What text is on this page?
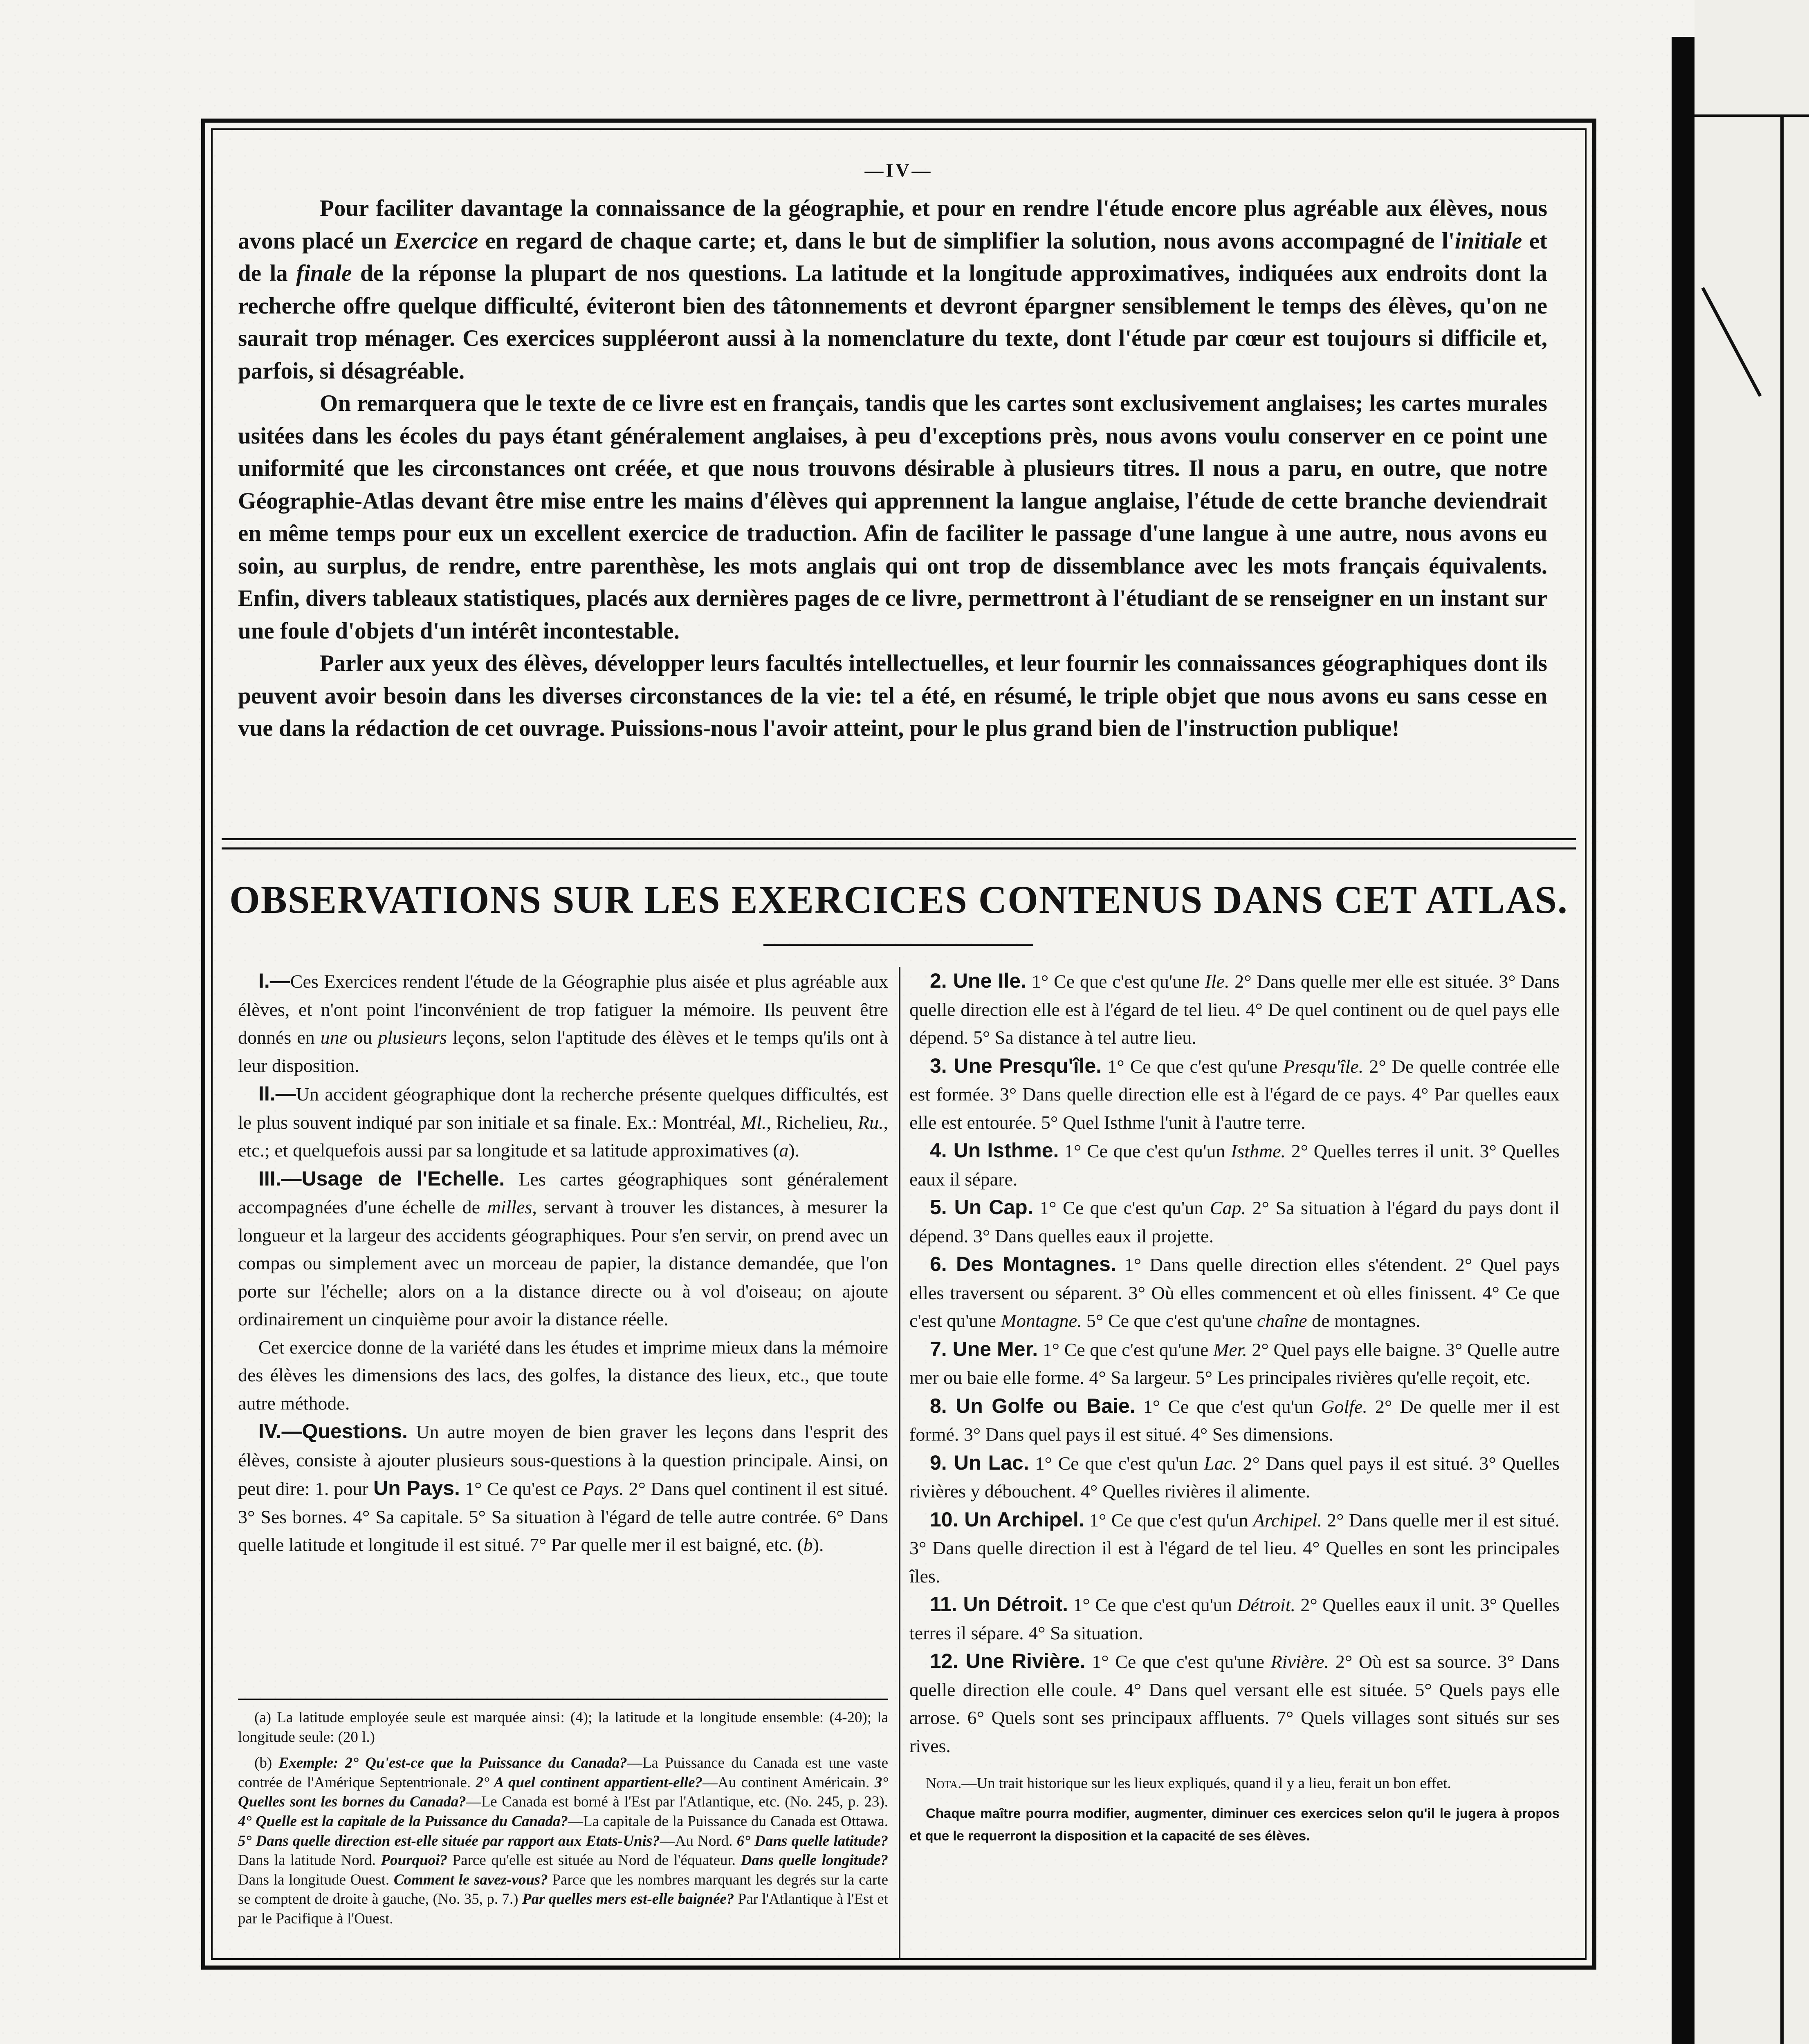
—IV—

Pour faciliter davantage la connaissance de la géographie, et pour en rendre l'étude encore plus agréable aux élèves, nous avons placé un Exercice en regard de chaque carte; et, dans le but de simplifier la solution, nous avons accompagné de l'initiale et de la finale de la réponse la plupart de nos questions. La latitude et la longitude approximatives, indiquées aux endroits dont la recherche offre quelque difficulté, éviteront bien des tâtonnements et devront épargner sensiblement le temps des élèves, qu'on ne saurait trop ménager. Ces exercices suppléeront aussi à la nomenclature du texte, dont l'étude par cœur est toujours si difficile et, parfois, si désagréable.

On remarquera que le texte de ce livre est en français, tandis que les cartes sont exclusivement anglaises; les cartes murales usitées dans les écoles du pays étant généralement anglaises, à peu d'exceptions près, nous avons voulu conserver en ce point une uniformité que les circonstances ont créée, et que nous trouvons désirable à plusieurs titres. Il nous a paru, en outre, que notre Géographie-Atlas devant être mise entre les mains d'élèves qui apprennent la langue anglaise, l'étude de cette branche deviendrait en même temps pour eux un excellent exercice de traduction. Afin de faciliter le passage d'une langue à une autre, nous avons eu soin, au surplus, de rendre, entre parenthèse, les mots anglais qui ont trop de dissemblance avec les mots français équivalents. Enfin, divers tableaux statistiques, placés aux dernières pages de ce livre, permettront à l'étudiant de se renseigner en un instant sur une foule d'objets d'un intérêt incontestable.

Parler aux yeux des élèves, développer leurs facultés intellectuelles, et leur fournir les connaissances géographiques dont ils peuvent avoir besoin dans les diverses circonstances de la vie: tel a été, en résumé, le triple objet que nous avons eu sans cesse en vue dans la rédaction de cet ouvrage. Puissions-nous l'avoir atteint, pour le plus grand bien de l'instruction publique!

OBSERVATIONS SUR LES EXERCICES CONTENUS DANS CET ATLAS.

I.—Ces Exercices rendent l'étude de la Géographie plus aisée et plus agréable aux élèves, et n'ont point l'inconvénient de trop fatiguer la mémoire. Ils peuvent être donnés en une ou plusieurs leçons, selon l'aptitude des élèves et le temps qu'ils ont à leur disposition.

II.—Un accident géographique dont la recherche présente quelques difficultés, est le plus souvent indiqué par son initiale et sa finale. Ex.: Montréal, Ml., Richelieu, Ru., etc.; et quelquefois aussi par sa longitude et sa latitude approximatives (a).

III.—Usage de l'Echelle. Les cartes géographiques sont généralement accompagnées d'une échelle de milles, servant à trouver les distances, à mesurer la longueur et la largeur des accidents géographiques. Pour s'en servir, on prend avec un compas ou simplement avec un morceau de papier, la distance demandée, que l'on porte sur l'échelle; alors on a la distance directe ou à vol d'oiseau; on ajoute ordinairement un cinquième pour avoir la distance réelle.

Cet exercice donne de la variété dans les études et imprime mieux dans la mémoire des élèves les dimensions des lacs, des golfes, la distance des lieux, etc., que toute autre méthode.

IV.—Questions. Un autre moyen de bien graver les leçons dans l'esprit des élèves, consiste à ajouter plusieurs sous-questions à la question principale. Ainsi, on peut dire: 1. pour Un Pays. 1° Ce qu'est ce Pays. 2° Dans quel continent il est situé. 3° Ses bornes. 4° Sa capitale. 5° Sa situation à l'égard de telle autre contrée. 6° Dans quelle latitude et longitude il est situé. 7° Par quelle mer il est baigné, etc. (b).

(a) La latitude employée seule est marquée ainsi: (4); la latitude et la longitude ensemble: (4-20); la longitude seule: (20 l.)

(b) Exemple: 2° Qu'est-ce que la Puissance du Canada?—La Puissance du Canada est une vaste contrée de l'Amérique Septentrionale. 2° A quel continent appartient-elle?—Au continent Américain. 3° Quelles sont les bornes du Canada?—Le Canada est borné à l'Est par l'Atlantique, etc. (No. 245, p. 23). 4° Quelle est la capitale de la Puissance du Canada?—La capitale de la Puissance du Canada est Ottawa. 5° Dans quelle direction est-elle située par rapport aux Etats-Unis?—Au Nord. 6° Dans quelle latitude? Dans la latitude Nord. Pourquoi? Parce qu'elle est située au Nord de l'équateur. Dans quelle longitude? Dans la longitude Ouest. Comment le savez-vous? Parce que les nombres marquant les degrés sur la carte se comptent de droite à gauche, (No. 35, p. 7.) Par quelles mers est-elle baignée? Par l'Atlantique à l'Est et par le Pacifique à l'Ouest.

2. Une Ile. 1° Ce que c'est qu'une Ile. 2° Dans quelle mer elle est située. 3° Dans quelle direction elle est à l'égard de tel lieu. 4° De quel continent ou de quel pays elle dépend. 5° Sa distance à tel autre lieu.

3. Une Presqu'île. 1° Ce que c'est qu'une Presqu'île. 2° De quelle contrée elle est formée. 3° Dans quelle direction elle est à l'égard de ce pays. 4° Par quelles eaux elle est entourée. 5° Quel Isthme l'unit à l'autre terre.

4. Un Isthme. 1° Ce que c'est qu'un Isthme. 2° Quelles terres il unit. 3° Quelles eaux il sépare.

5. Un Cap. 1° Ce que c'est qu'un Cap. 2° Sa situation à l'égard du pays dont il dépend. 3° Dans quelles eaux il projette.

6. Des Montagnes. 1° Dans quelle direction elles s'étendent. 2° Quel pays elles traversent ou séparent. 3° Où elles commencent et où elles finissent. 4° Ce que c'est qu'une Montagne. 5° Ce que c'est qu'une chaîne de montagnes.

7. Une Mer. 1° Ce que c'est qu'une Mer. 2° Quel pays elle baigne. 3° Quelle autre mer ou baie elle forme. 4° Sa largeur. 5° Les principales rivières qu'elle reçoit, etc.

8. Un Golfe ou Baie. 1° Ce que c'est qu'un Golfe. 2° De quelle mer il est formé. 3° Dans quel pays il est situé. 4° Ses dimensions.

9. Un Lac. 1° Ce que c'est qu'un Lac. 2° Dans quel pays il est situé. 3° Quelles rivières y débouchent. 4° Quelles rivières il alimente.

10. Un Archipel. 1° Ce que c'est qu'un Archipel. 2° Dans quelle mer il est situé. 3° Dans quelle direction il est à l'égard de tel lieu. 4° Quelles en sont les principales îles.

11. Un Détroit. 1° Ce que c'est qu'un Détroit. 2° Quelles eaux il unit. 3° Quelles terres il sépare. 4° Sa situation.

12. Une Rivière. 1° Ce que c'est qu'une Rivière. 2° Où est sa source. 3° Dans quelle direction elle coule. 4° Dans quel versant elle est située. 5° Quels pays elle arrose. 6° Quels sont ses principaux affluents. 7° Quels villages sont situés sur ses rives.

Nota.—Un trait historique sur les lieux expliqués, quand il y a lieu, ferait un bon effet.

Chaque maître pourra modifier, augmenter, diminuer ces exercices selon qu'il le jugera à propos et que le requerront la disposition et la capacité de ses élèves.
